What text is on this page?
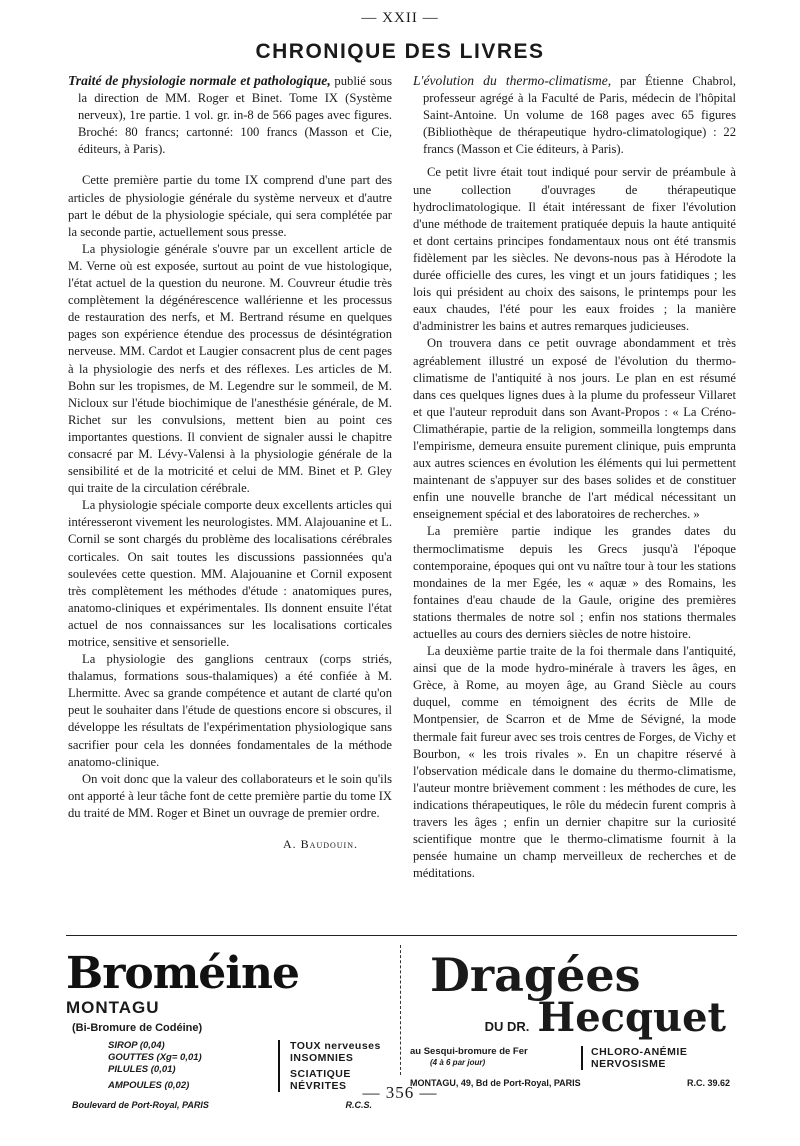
— XXII —
CHRONIQUE DES LIVRES
Traité de physiologie normale et pathologique, publié sous la direction de MM. Roger et Binet. Tome IX (Système nerveux), 1re partie. 1 vol. gr. in-8 de 566 pages avec figures. Broché: 80 francs; cartonné: 100 francs (Masson et Cie, éditeurs, à Paris).

Cette première partie du tome IX comprend d'une part des articles de physiologie générale du système nerveux et d'autre part le début de la physiologie spéciale, qui sera complétée par la seconde partie, actuellement sous presse.

La physiologie générale s'ouvre par un excellent article de M. Verne où est exposée, surtout au point de vue histologique, l'état actuel de la question du neurone. M. Couvreur étudie très complètement la dégénérescence wallérienne et les processus de restauration des nerfs, et M. Bertrand résume en quelques pages son expérience étendue des processus de désintégration nerveuse. MM. Cardot et Laugier consacrent plus de cent pages à la physiologie des nerfs et des réflexes. Les articles de M. Bohn sur les tropismes, de M. Legendre sur le sommeil, de M. Nicloux sur l'étude biochimique de l'anesthésie générale, de M. Richet sur les convulsions, mettent bien au point ces importantes questions. Il convient de signaler aussi le chapitre consacré par M. Lévy-Valensi à la physiologie générale de la sensibilité et de la motricité et celui de MM. Binet et P. Gley qui traite de la circulation cérébrale.

La physiologie spéciale comporte deux excellents articles qui intéresseront vivement les neurologistes. MM. Alajouanine et L. Cornil se sont chargés du problème des localisations cérébrales corticales. On sait toutes les discussions passionnées qu'a soulevées cette question. MM. Alajouanine et Cornil exposent très complètement les méthodes d'étude : anatomiques pures, anatomo-cliniques et expérimentales. Ils donnent ensuite l'état actuel de nos connaissances sur les localisations corticales motrice, sensitive et sensorielle.

La physiologie des ganglions centraux (corps striés, thalamus, formations sous-thalamiques) a été confiée à M. Lhermitte. Avec sa grande compétence et autant de clarté qu'on peut le souhaiter dans l'étude de questions encore si obscures, il développe les résultats de l'expérimentation physiologique sans sacrifier pour cela les données fondamentales de la méthode anatomo-clinique.

On voit donc que la valeur des collaborateurs et le soin qu'ils ont apporté à leur tâche font de cette première partie du tome IX du traité de MM. Roger et Binet un ouvrage de premier ordre.

A. Baudouin.
L'évolution du thermo-climatisme, par Étienne Chabrol, professeur agrégé à la Faculté de Paris, médecin de l'hôpital Saint-Antoine. Un volume de 168 pages avec 65 figures (Bibliothèque de thérapeutique hydro-climatologique) : 22 francs (Masson et Cie éditeurs, à Paris).

Ce petit livre était tout indiqué pour servir de préambule à une collection d'ouvrages de thérapeutique hydroclimatologique. Il était intéressant de fixer l'évolution d'une méthode de traitement pratiquée depuis la haute antiquité et dont certains principes fondamentaux nous ont été transmis fidèlement par les siècles. Ne devons-nous pas à Hérodote la durée officielle des cures, les vingt et un jours fatidiques ; les lois qui président au choix des saisons, le printemps pour les eaux chaudes, l'été pour les eaux froides ; la manière d'administrer les bains et autres remarques judicieuses.

On trouvera dans ce petit ouvrage abondamment et très agréablement illustré un exposé de l'évolution du thermo-climatisme de l'antiquité à nos jours. Le plan en est résumé dans ces quelques lignes dues à la plume du professeur Villaret et que l'auteur reproduit dans son Avant-Propos : « La Créno-Climathérapie, partie de la religion, sommeilla longtemps dans l'empirisme, demeura ensuite purement clinique, puis emprunta aux autres sciences en évolution les éléments qui lui permettent maintenant de s'appuyer sur des bases solides et de constituer enfin une nouvelle branche de l'art médical nécessitant un enseignement spécial et des laboratoires de recherches. »

La première partie indique les grandes dates du thermoclimatisme depuis les Grecs jusqu'à l'époque contemporaine, époques qui ont vu naître tour à tour les stations mondaines de la mer Egée, les « aquæ » des Romains, les fontaines d'eau chaude de la Gaule, origine des premières stations thermales de notre sol ; enfin nos stations thermales actuelles au cours des derniers siècles de notre histoire.

La deuxième partie traite de la foi thermale dans l'antiquité, ainsi que de la mode hydro-minérale à travers les âges, en Grèce, à Rome, au moyen âge, au Grand Siècle au cours duquel, comme en témoignent des écrits de Mlle de Montpensier, de Scarron et de Mme de Sévigné, la mode thermale fait fureur avec ses trois centres de Forges, de Vichy et Bourbon, « les trois rivales ». En un chapitre réservé à l'observation médicale dans le domaine du thermo-climatisme, l'auteur montre brièvement comment : les méthodes de cure, les indications thérapeutiques, le rôle du médecin furent compris à travers les âges ; enfin un dernier chapitre sur la curiosité scientifique montre que le thermo-climatisme fournit à la pensée humaine un champ merveilleux de recherches et de méditations.

Broméine MONTAGU
(Bi-Bromure de Codéine)
SIROP (0,04)
GOUTTES (Xg= 0,01)
PILULES (0,01)
AMPOULES (0,02)
TOUX nerveuses
INSOMNIES
SCIATIQUE
NÉVRITES
Boulevard de Port-Royal, PARIS	R.C.S.
Dragées
DU DR. Hecquet
au Sesqui-bromure de Fer
(4 à 6 par jour)
CHLORO-ANÉMIE
NERVOSISME
MONTAGU, 49, Bd de Port-Royal, PARIS	R.C. 39.62
— 356 —
